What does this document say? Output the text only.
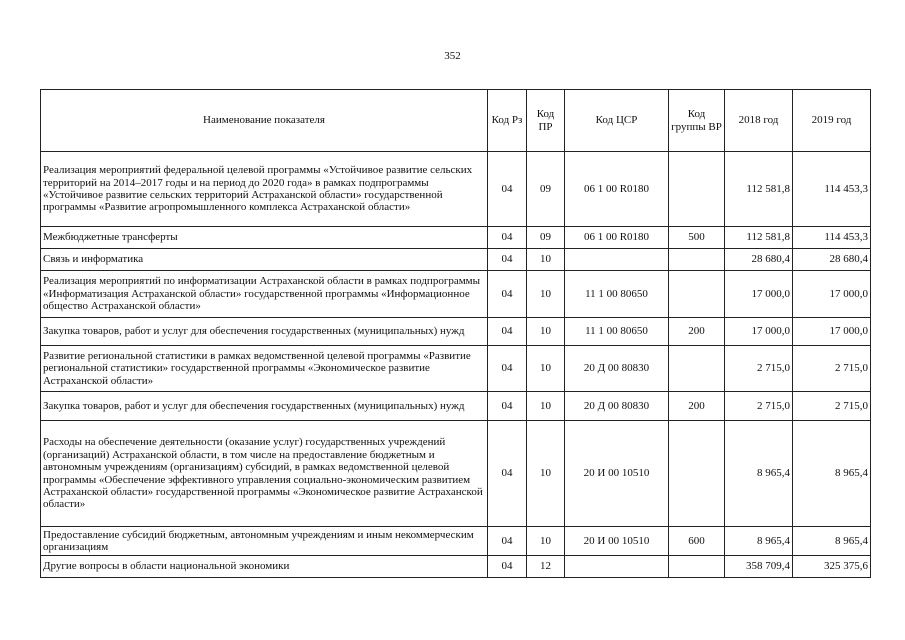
352
Наименование показателя	Код Рз	Код ПР	Код ЦСР	Код группы ВР	2018 год	2019 год
Реализация мероприятий федеральной целевой программы «Устойчивое развитие сельских территорий на 2014–2017 годы и на период до 2020 года» в рамках подпрограммы «Устойчивое развитие сельских территорий Астраханской области» государственной программы «Развитие агропромышленного комплекса Астраханской области»	04	09	06 1 00 R0180		112 581,8	114 453,3
Межбюджетные трансферты	04	09	06 1 00 R0180	500	112 581,8	114 453,3
Связь и информатика	04	10			28 680,4	28 680,4
Реализация мероприятий по информатизации Астраханской области в рамках подпрограммы «Информатизация Астраханской области» государственной программы «Информационное общество Астраханской области»	04	10	11 1 00 80650		17 000,0	17 000,0
Закупка товаров, работ и услуг для обеспечения государственных (муниципальных) нужд	04	10	11 1 00 80650	200	17 000,0	17 000,0
Развитие региональной статистики в рамках ведомственной целевой программы «Развитие региональной статистики» государственной программы «Экономическое развитие Астраханской области»	04	10	20 Д 00 80830		2 715,0	2 715,0
Закупка товаров, работ и услуг для обеспечения государственных (муниципальных) нужд	04	10	20 Д 00 80830	200	2 715,0	2 715,0
Расходы на обеспечение деятельности (оказание услуг) государственных учреждений (организаций) Астраханской области, в том числе на предоставление бюджетным и автономным учреждениям (организациям) субсидий, в рамках ведомственной целевой программы «Обеспечение эффективного управления социально-экономическим развитием Астраханской области» государственной программы «Экономическое развитие Астраханской области»	04	10	20 И 00 10510		8 965,4	8 965,4
Предоставление субсидий бюджетным, автономным учреждениям и иным некоммерческим организациям	04	10	20 И 00 10510	600	8 965,4	8 965,4
Другие вопросы в области национальной экономики	04	12			358 709,4	325 375,6
